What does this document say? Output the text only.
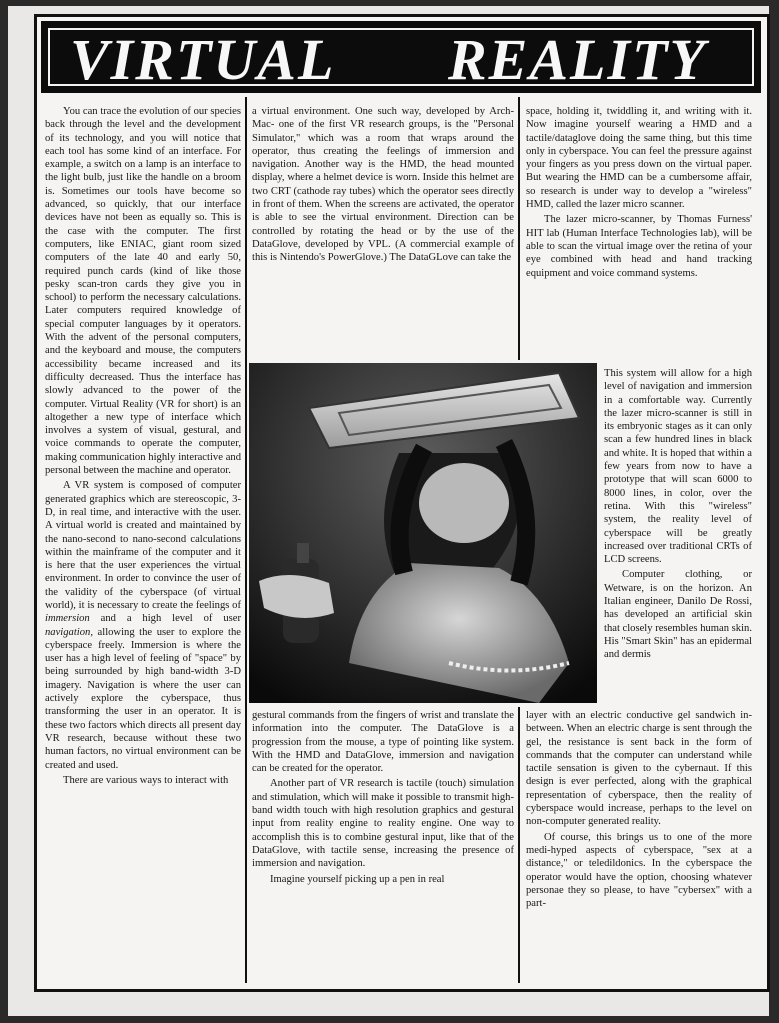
VIRTUAL REALITY

You can trace the evolution of our species back through the level and the development of its technology, and you will notice that each tool has some kind of an interface. For example, a switch on a lamp is an interface to the light bulb, just like the handle on a broom is. Sometimes our tools have become so advanced, so quickly, that our interface devices have not been as equally so. This is the case with the computer. The first computers, like ENIAC, giant room sized computers of the late 40 and early 50, required punch cards (kind of like those pesky scan-tron cards they give you in school) to perform the necessary calculations. Later computers required knowledge of special computer languages by it operators. With the advent of the personal computers, and the keyboard and mouse, the computers accessibility became increased and its difficulty decreased. Thus the interface has slowly advanced to the power of the computer. Virtual Reality (VR for short) is an altogether a new type of interface which involves a system of visual, gestural, and voice commands to operate the computer, making communication highly interactive and personal between the machine and operator.

A VR system is composed of computer generated graphics which are stereoscopic, 3-D, in real time, and interactive with the user. A virtual world is created and maintained by the nano-second to nano-second calculations within the mainframe of the computer and it is here that the user experiences the virtual environment. In order to convince the user of the validity of the cyberspace (of virtual world), it is necessary to create the feelings of immersion and a high level of user navigation, allowing the user to explore the cyberspace freely. Immersion is where the user has a high level of feeling of "space" by being surrounded by high band-width 3-D imagery. Navigation is where the user can actively explore the cyberspace, thus transforming the user in an operator. It is these two factors which directs all present day VR research, because without these two human factors, no virtual environment can be created and used.

There are various ways to interact with

a virtual environment. One such way, developed by Arch-Mac- one of the first VR research groups, is the "Personal Simulator," which was a room that wraps around the operator, thus creating the feelings of immersion and navigation. Another way is the HMD, the head mounted display, where a helmet device is worn. Inside this helmet are two CRT (cathode ray tubes) which the operator sees directly in front of them. When the screens are activated, the operator is able to see the virtual environment. Direction can be controlled by rotating the head or by the use of the DataGlove, developed by VPL. (A commercial example of this is Nintendo's PowerGlove.) The DataGLove can take the

gestural commands from the fingers of wrist and translate the information into the computer. The DataGlove is a progression from the mouse, a type of pointing like system. With the HMD and DataGlove, immersion and navigation can be created for the operator.

Another part of VR research is tactile (touch) simulation and stimulation, which will make it possible to transmit high-band width touch with high resolution graphics and gestural input from reality engine to reality engine. One way to accomplish this is to combine gestural input, like that of the DataGlove, with tactile sense, increasing the presence of immersion and navigation.

Imagine yourself picking up a pen in real

space, holding it, twiddling it, and writing with it. Now imagine yourself wearing a HMD and a tactile/dataglove doing the same thing, but this time only in cyberspace. You can feel the pressure against your fingers as you press down on the virtual paper. But wearing the HMD can be a cumbersome affair, so research is under way to develop a "wireless" HMD, called the lazer micro scanner.

The lazer micro-scanner, by Thomas Furness' HIT lab (Human Interface Technologies lab), will be able to scan the virtual image over the retina of your eye combined with head and hand tracking equipment and voice command systems.

This system will allow for a high level of navigation and immersion in a comfortable way. Currently the lazer micro-scanner is still in its embryonic stages as it can only scan a few hundred lines in black and white. It is hoped that within a few years from now to have a prototype that will scan 6000 to 8000 lines, in color, over the retina. With this "wireless" system, the reality level of cyberspace will be greatly increased over traditional CRTs of LCD screens.

Computer clothing, or Wetware, is on the horizon. An Italian engineer, Danilo De Rossi, has developed an artificial skin that closely resembles human skin. His "Smart Skin" has an epidermal and dermis

layer with an electric conductive gel sandwich in-between. When an electric charge is sent through the gel, the resistance is sent back in the form of commands that the computer can understand while tactile sensation is given to the cybernaut. If this design is ever perfected, along with the graphical representation of cyberspace, then the reality of cyberspace would increase, perhaps to the level on non-computer generated reality.

Of course, this brings us to one of the more medi-hyped aspects of cyberspace, "sex at a distance," or teledildonics. In the cyberspace the operator would have the option, choosing whatever personae they so please, to have "cybersex" with a part-
